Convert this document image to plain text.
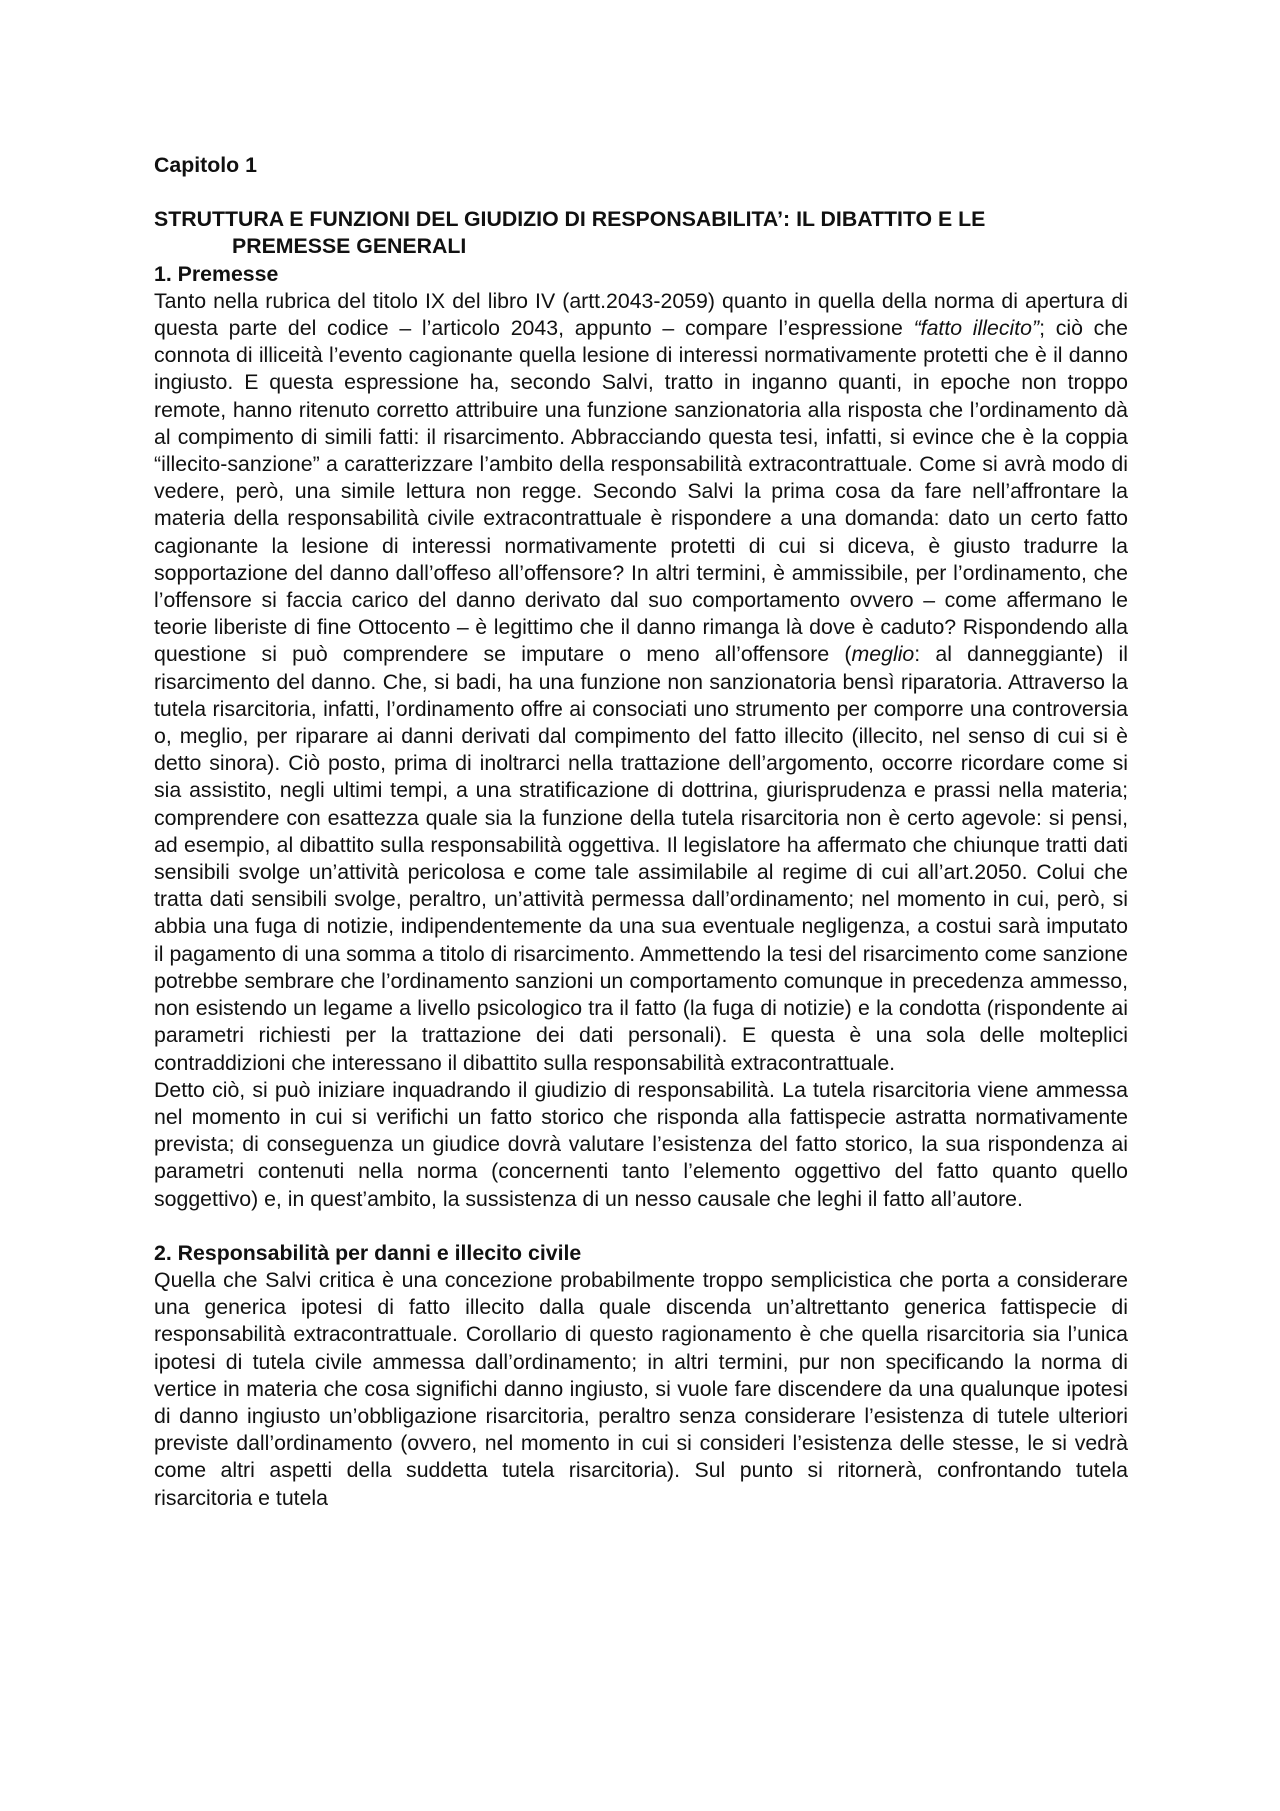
Capitolo 1

STRUTTURA E FUNZIONI DEL GIUDIZIO DI RESPONSABILITA’: IL DIBATTITO E LE

PREMESSE GENERALI

1. Premesse

Tanto nella rubrica del titolo IX del libro IV (artt.2043-2059) quanto in quella della norma di apertura di questa parte del codice – l’articolo 2043, appunto – compare l’espressione “fatto illecito”; ciò che connota di illiceità l’evento cagionante quella lesione di interessi normativamente protetti che è il danno ingiusto. E questa espressione ha, secondo Salvi, tratto in inganno quanti, in epoche non troppo remote, hanno ritenuto corretto attribuire una funzione sanzionatoria alla risposta che l’ordinamento dà al compimento di simili fatti: il risarcimento. Abbracciando questa tesi, infatti, si evince che è la coppia “illecito-sanzione” a caratterizzare l’ambito della responsabilità extracontrattuale. Come si avrà modo di vedere, però, una simile lettura non regge. Secondo Salvi la prima cosa da fare nell’affrontare la materia della responsabilità civile extracontrattuale è rispondere a una domanda: dato un certo fatto cagionante la lesione di interessi normativamente protetti di cui si diceva, è giusto tradurre la sopportazione del danno dall’offeso all’offensore? In altri termini, è ammissibile, per l’ordinamento, che l’offensore si faccia carico del danno derivato dal suo comportamento ovvero – come affermano le teorie liberiste di fine Ottocento – è legittimo che il danno rimanga là dove è caduto? Rispondendo alla questione si può comprendere se imputare o meno all’offensore (meglio: al danneggiante) il risarcimento del danno. Che, si badi, ha una funzione non sanzionatoria bensì riparatoria. Attraverso la tutela risarcitoria, infatti, l’ordinamento offre ai consociati uno strumento per comporre una controversia o, meglio, per riparare ai danni derivati dal compimento del fatto illecito (illecito, nel senso di cui si è detto sinora). Ciò posto, prima di inoltrarci nella trattazione dell’argomento, occorre ricordare come si sia assistito, negli ultimi tempi, a una stratificazione di dottrina, giurisprudenza e prassi nella materia; comprendere con esattezza quale sia la funzione della tutela risarcitoria non è certo agevole: si pensi, ad esempio, al dibattito sulla responsabilità oggettiva. Il legislatore ha affermato che chiunque tratti dati sensibili svolge un’attività pericolosa e come tale assimilabile al regime di cui all’art.2050. Colui che tratta dati sensibili svolge, peraltro, un’attività permessa dall’ordinamento; nel momento in cui, però, si abbia una fuga di notizie, indipendentemente da una sua eventuale negligenza, a costui sarà imputato il pagamento di una somma a titolo di risarcimento. Ammettendo la tesi del risarcimento come sanzione potrebbe sembrare che l’ordinamento sanzioni un comportamento comunque in precedenza ammesso, non esistendo un legame a livello psicologico tra il fatto (la fuga di notizie) e la condotta (rispondente ai parametri richiesti per la trattazione dei dati personali). E questa è una sola delle molteplici contraddizioni che interessano il dibattito sulla responsabilità extracontrattuale.

Detto ciò, si può iniziare inquadrando il giudizio di responsabilità. La tutela risarcitoria viene ammessa nel momento in cui si verifichi un fatto storico che risponda alla fattispecie astratta normativamente prevista; di conseguenza un giudice dovrà valutare l’esistenza del fatto storico, la sua rispondenza ai parametri contenuti nella norma (concernenti tanto l’elemento oggettivo del fatto quanto quello soggettivo) e, in quest’ambito, la sussistenza di un nesso causale che leghi il fatto all’autore.

2. Responsabilità per danni e illecito civile

Quella che Salvi critica è una concezione probabilmente troppo semplicistica che porta a considerare una generica ipotesi di fatto illecito dalla quale discenda un’altrettanto generica fattispecie di responsabilità extracontrattuale. Corollario di questo ragionamento è che quella risarcitoria sia l’unica ipotesi di tutela civile ammessa dall’ordinamento; in altri termini, pur non specificando la norma di vertice in materia che cosa significhi danno ingiusto, si vuole fare discendere da una qualunque ipotesi di danno ingiusto un’obbligazione risarcitoria, peraltro senza considerare l’esistenza di tutele ulteriori previste dall’ordinamento (ovvero, nel momento in cui si consideri l’esistenza delle stesse, le si vedrà come altri aspetti della suddetta tutela risarcitoria). Sul punto si ritornerà, confrontando tutela risarcitoria e tutela
